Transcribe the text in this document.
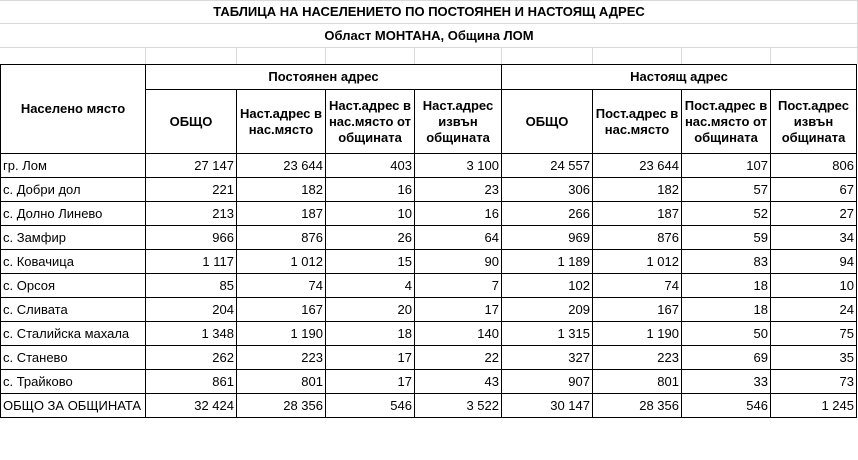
ТАБЛИЦА НА НАСЕЛЕНИЕТО ПО ПОСТОЯНЕН И НАСТОЯЩ АДРЕС
Област МОНТАНА, Община ЛОМ
Населено място	Постоянен адрес				Настоящ адрес			
	ОБЩО	Наст.адрес в нас.място	Наст.адрес в нас.място от общината	Наст.адрес извън общината	ОБЩО	Пост.адрес в нас.място	Пост.адрес в нас.място от общината	Пост.адрес извън общината
гр. Лом	27 147	23 644	403	3 100	24 557	23 644	107	806
с. Добри дол	221	182	16	23	306	182	57	67
с. Долно Линево	213	187	10	16	266	187	52	27
с. Замфир	966	876	26	64	969	876	59	34
с. Ковачица	1 117	1 012	15	90	1 189	1 012	83	94
с. Орсоя	85	74	4	7	102	74	18	10
с. Сливата	204	167	20	17	209	167	18	24
с. Сталийска махала	1 348	1 190	18	140	1 315	1 190	50	75
с. Станево	262	223	17	22	327	223	69	35
с. Трайково	861	801	17	43	907	801	33	73
ОБЩО ЗА ОБЩИНАТА	32 424	28 356	546	3 522	30 147	28 356	546	1 245
